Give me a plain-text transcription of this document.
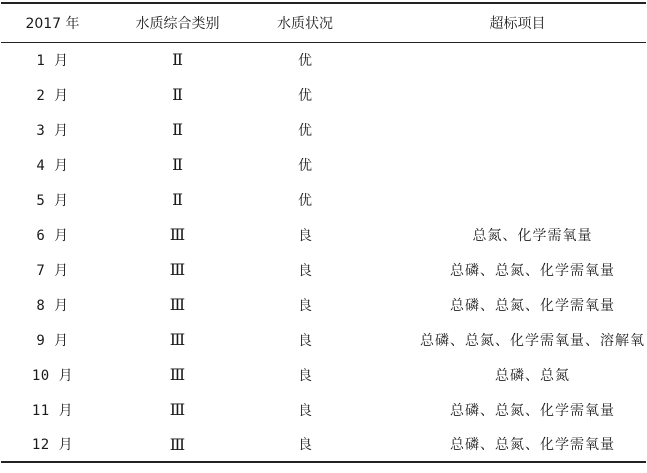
2017 年	水质综合类别	水质状况	超标项目
1 月	Ⅱ	优	
2 月	Ⅱ	优	
3 月	Ⅱ	优	
4 月	Ⅱ	优	
5 月	Ⅱ	优	
6 月	Ⅲ	良	总氮、化学需氧量
7 月	Ⅲ	良	总磷、总氮、化学需氧量
8 月	Ⅲ	良	总磷、总氮、化学需氧量
9 月	Ⅲ	良	总磷、总氮、化学需氧量、溶解氧
10 月	Ⅲ	良	总磷、总氮
11 月	Ⅲ	良	总磷、总氮、化学需氧量
12 月	Ⅲ	良	总磷、总氮、化学需氧量
